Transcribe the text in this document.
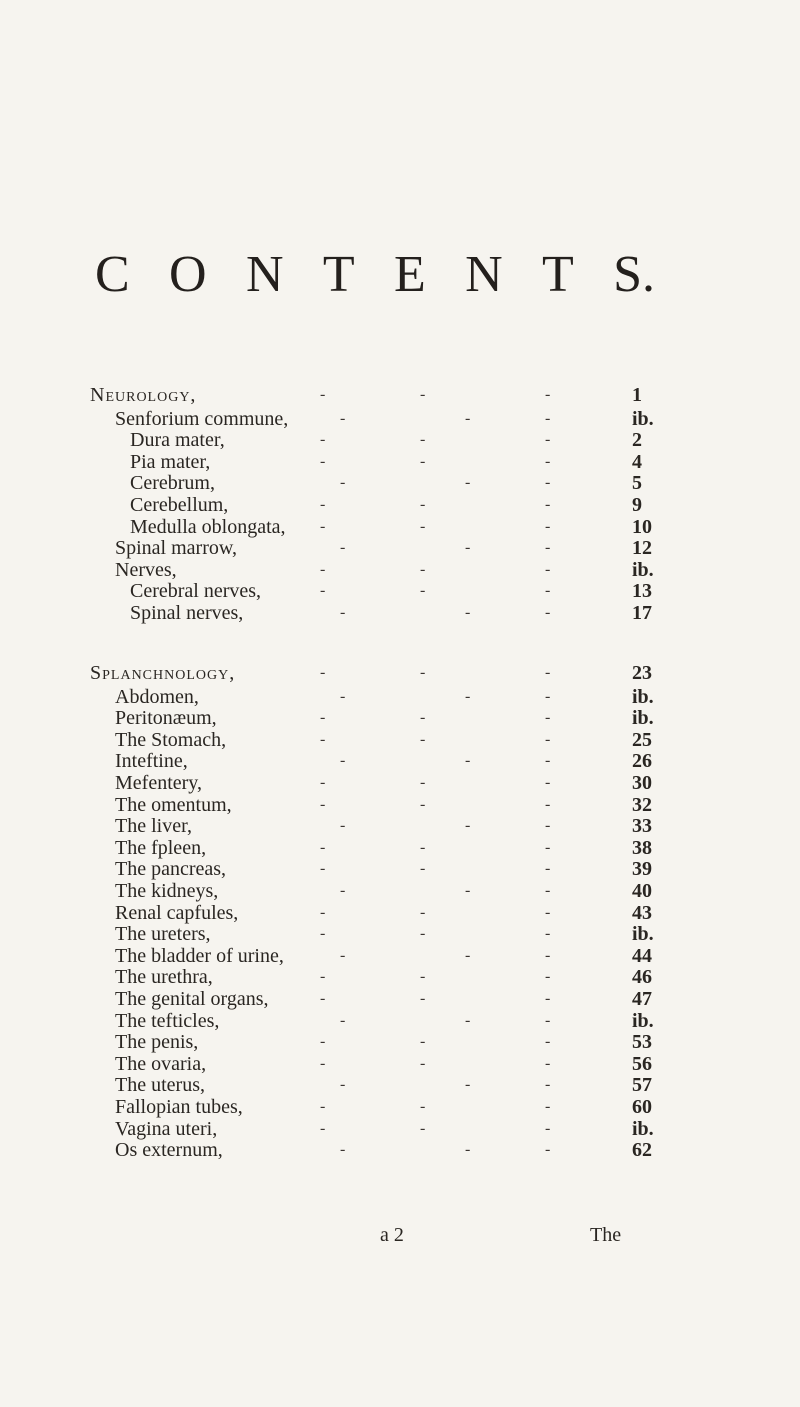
C O N T E N T S.
Neurology,	-	-	-	1
Senforium commune,	-	-	-	ib.
Dura mater,	-	-	-	2
Pia mater,	-	-	-	4
Cerebrum,	-	-	-	5
Cerebellum,	-	-	-	9
Medulla oblongata, -	-	-	10
Spinal marrow,	-	-	-	12
Nerves,	-	-	-	ib.
Cerebral nerves,	-	-	-	13
Spinal nerves,	-	-	-	17
Splanchnology,	-	-	-	23
Abdomen,	-	-	-	ib.
Peritonæum,	-	-	-	ib.
The Stomach,	-	-	-	25
Inteftine,	-	-	-	26
Mefentery,	-	-	-	30
The omentum,	-	-	-	32
The liver,	-	-	-	33
The fpleen,	-	-	-	38
The pancreas,	-	-	-	39
The kidneys,	-	-	-	40
Renal capfules,	-	-	-	43
The ureters,	-	-	-	ib.
The bladder of urine,	-	-	-	44
The urethra,	-	-	-	46
The genital organs,	-	-	-	47
The tefticles,	-	-	-	ib.
The penis,	-	-	-	53
The ovaria,	-	-	-	56
The uterus,	-	-	-	57
Fallopian tubes,	-	-	-	60
Vagina uteri,	-	-	-	ib.
Os externum,	-	-	-	62
a 2	The
